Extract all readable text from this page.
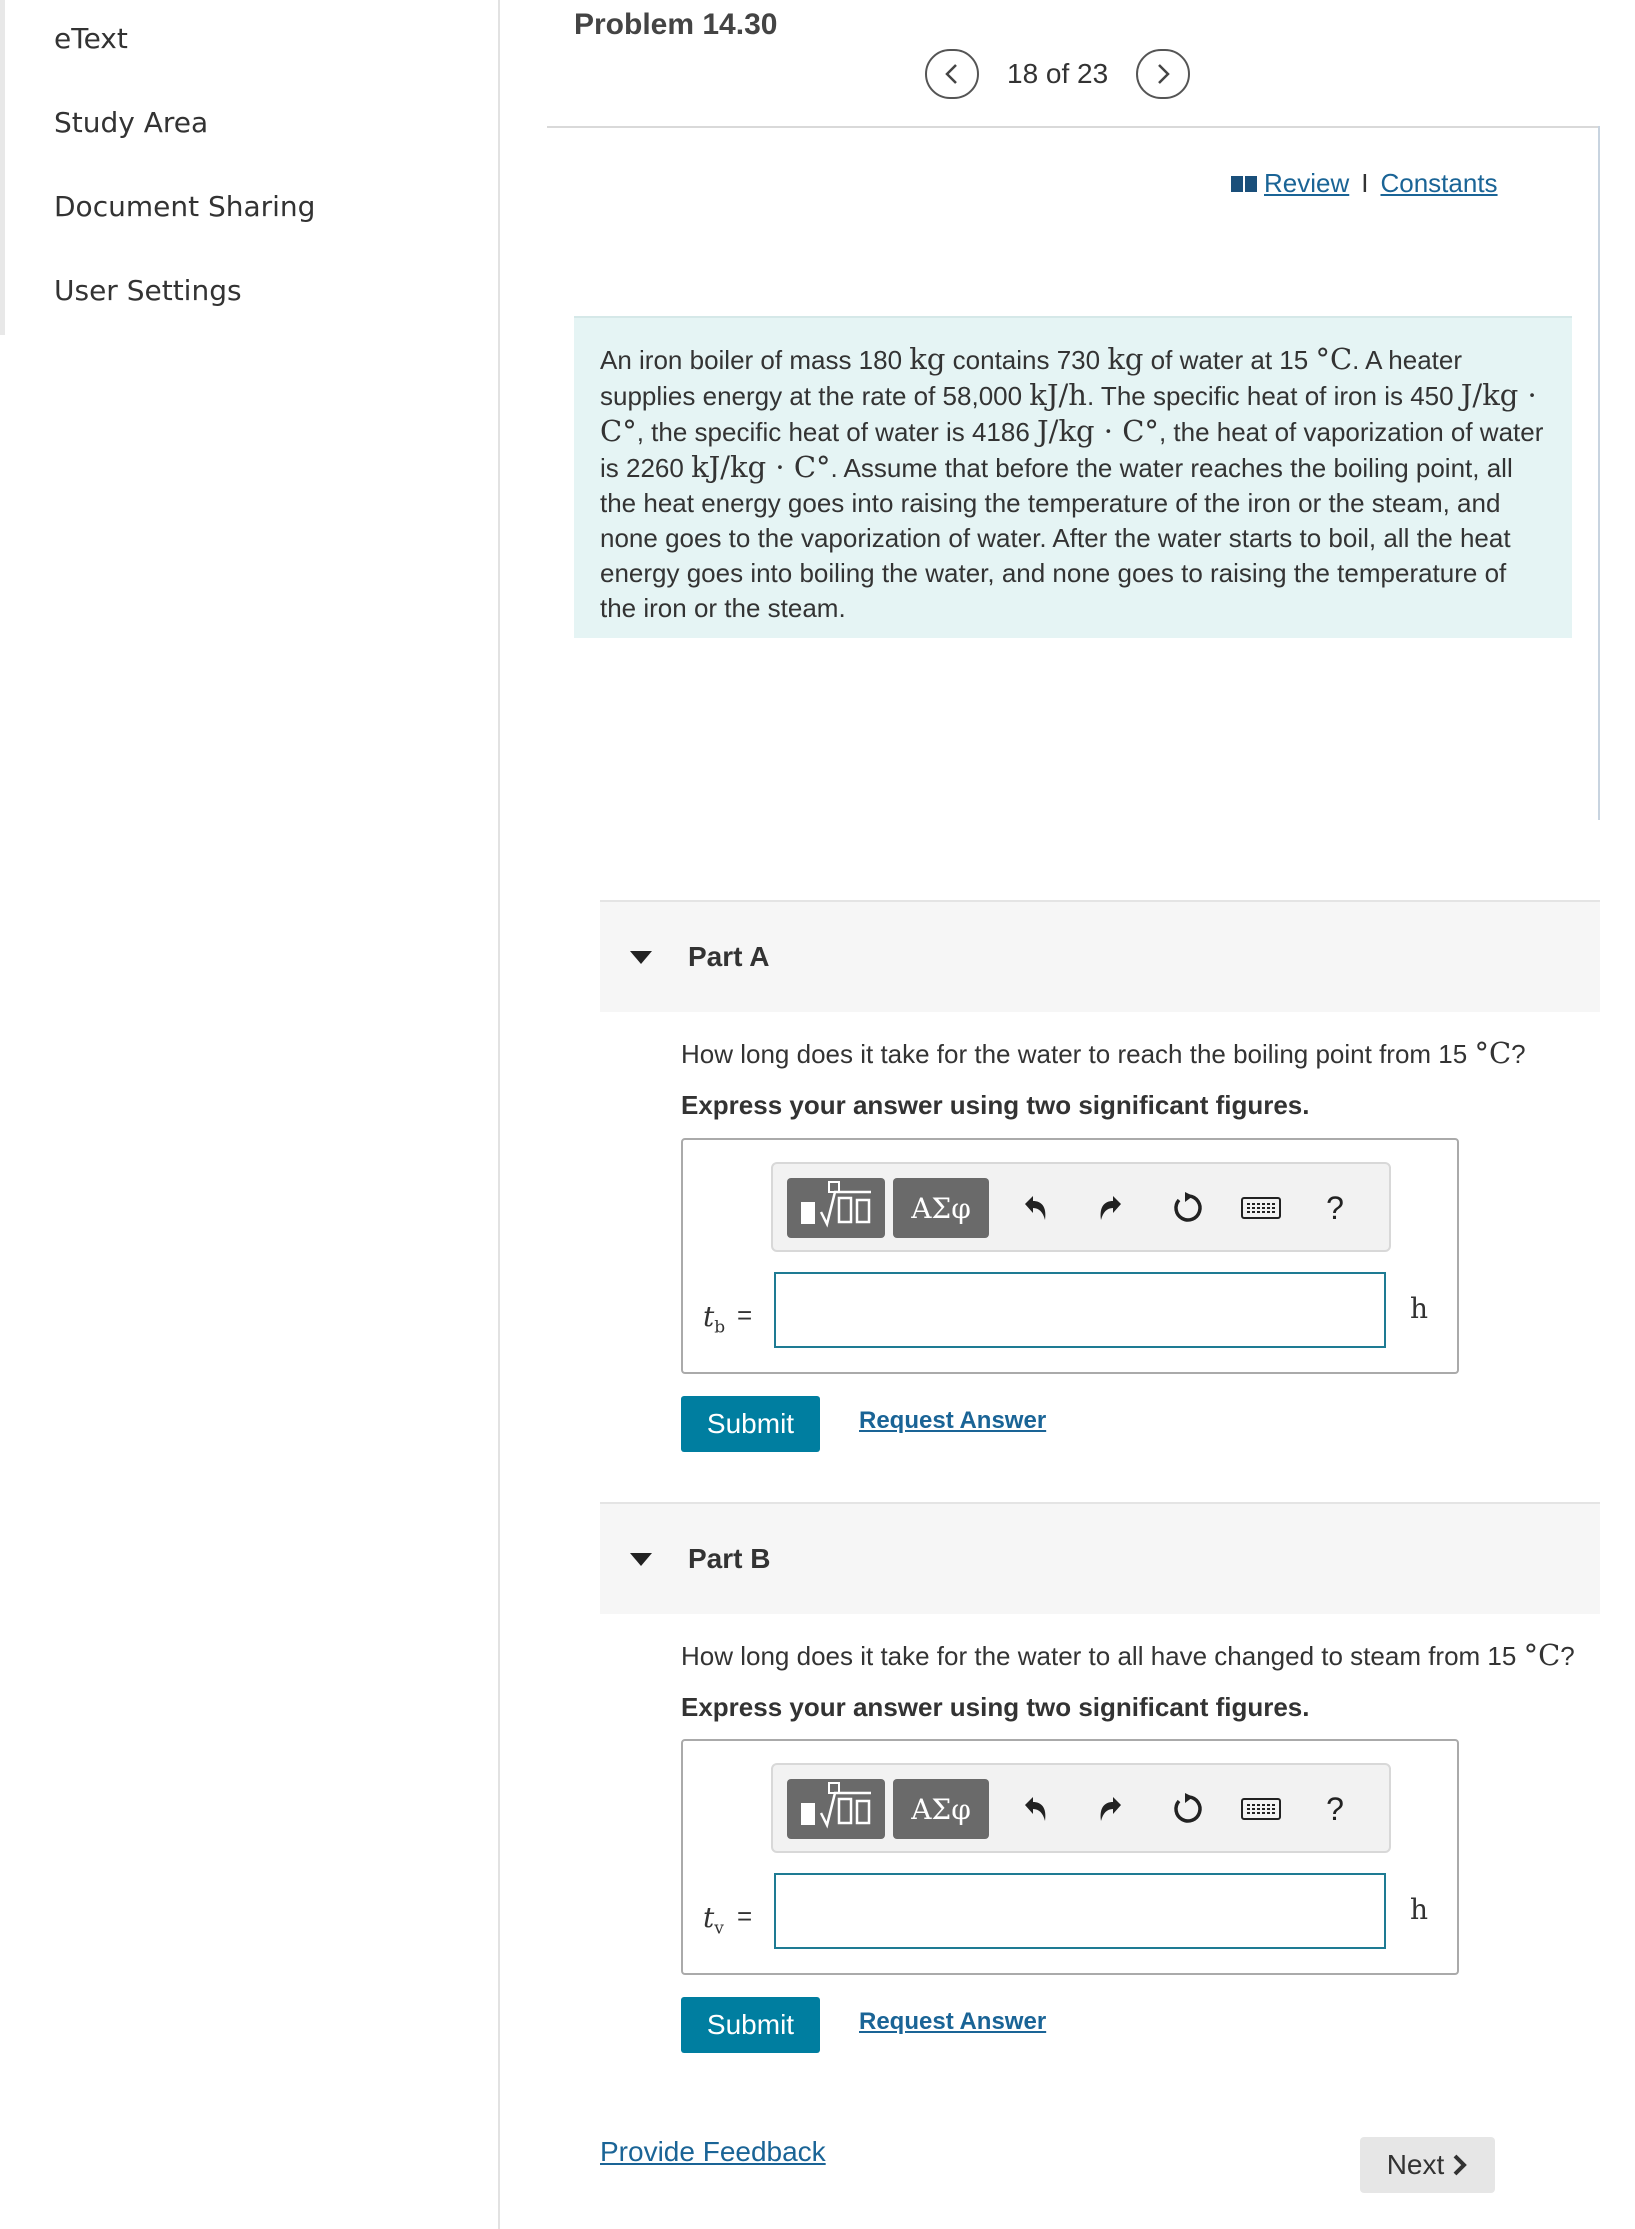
eText
Study Area
Document Sharing
User Settings
Problem 14.30
18 of 23
Review I Constants
An iron boiler of mass 180 kg contains 730 kg of water at 15 °C. A heater supplies energy at the rate of 58,000 kJ/h. The specific heat of iron is 450 J/kg · C°, the specific heat of water is 4186 J/kg · C°, the heat of vaporization of water is 2260 kJ/kg · C°. Assume that before the water reaches the boiling point, all the heat energy goes into raising the temperature of the iron or the steam, and none goes to the vaporization of water. After the water starts to boil, all the heat energy goes into boiling the water, and none goes to raising the temperature of the iron or the steam.
Part A
How long does it take for the water to reach the boiling point from 15 °C?
Express your answer using two significant figures.
ΑΣφ	?
$t_b$ =	h
Submit	Request Answer
Part B
How long does it take for the water to all have changed to steam from 15 °C?
Express your answer using two significant figures.
ΑΣφ	?
$t_v$ =	h
Submit	Request Answer
Provide Feedback	Next
